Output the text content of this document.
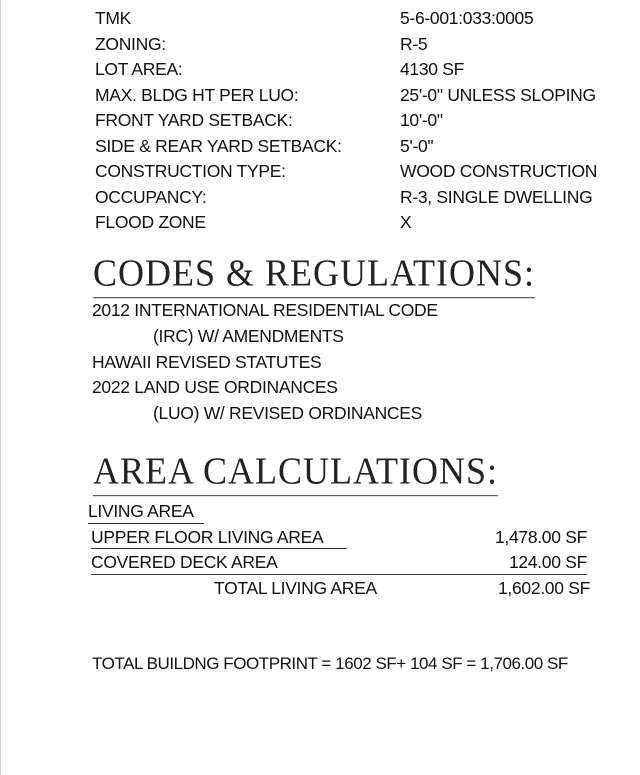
TMK	5-6-001:033:0005
ZONING:	R-5
LOT AREA:	4130 SF
MAX. BLDG HT PER LUO:	25'-0" UNLESS SLOPING
FRONT YARD SETBACK:	10'-0"
SIDE & REAR YARD SETBACK:	5'-0"
CONSTRUCTION TYPE:	WOOD CONSTRUCTION
OCCUPANCY:	R-3, SINGLE DWELLING
FLOOD ZONE	X
CODES & REGULATIONS:
2012 INTERNATIONAL RESIDENTIAL CODE
(IRC) W/ AMENDMENTS
HAWAII REVISED STATUTES
2022 LAND USE ORDINANCES
(LUO) W/ REVISED ORDINANCES
AREA CALCULATIONS:
LIVING AREA
UPPER FLOOR LIVING AREA	1,478.00 SF
COVERED DECK AREA	124.00 SF
TOTAL LIVING AREA	1,602.00 SF
TOTAL BUILDNG FOOTPRINT = 1602 SF+ 104 SF = 1,706.00 SF
